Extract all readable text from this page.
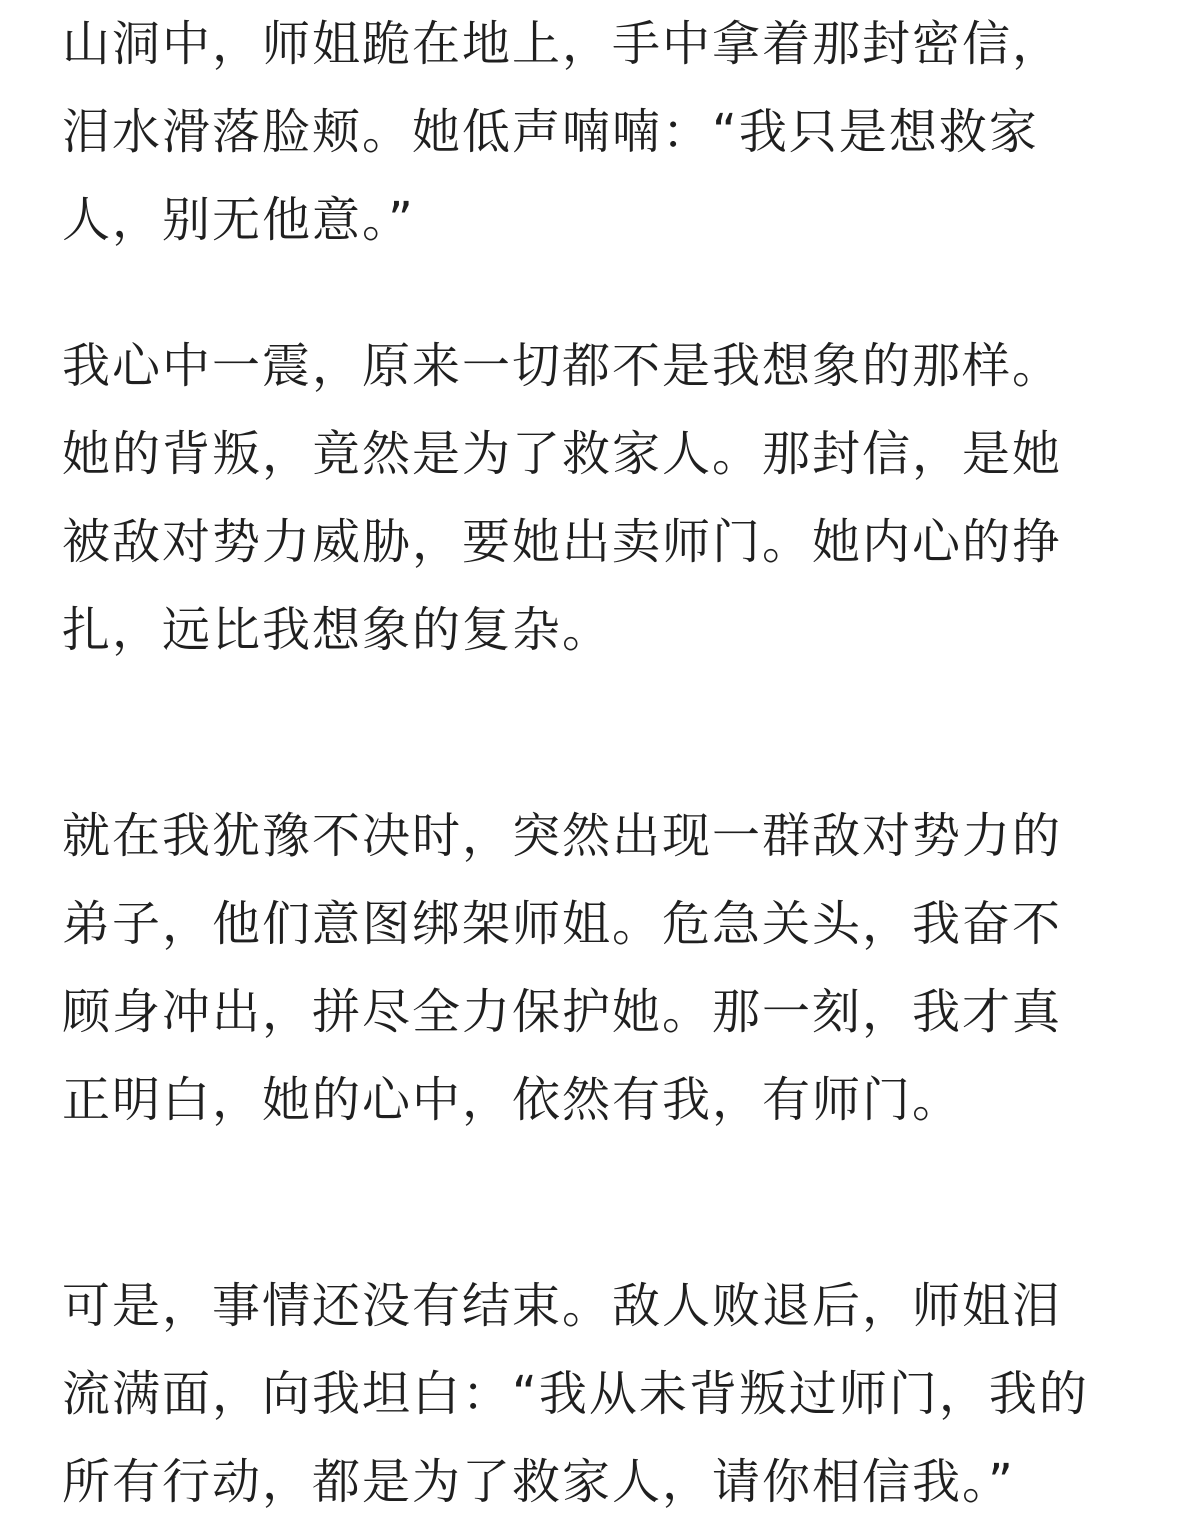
山洞中，师姐跪在地上，手中拿着那封密信，
泪水滑落脸颊。她低声喃喃：“我只是想救家
人，别无他意。”
我心中一震，原来一切都不是我想象的那样。
她的背叛，竟然是为了救家人。那封信，是她
被敌对势力威胁，要她出卖师门。她内心的挣
扎，远比我想象的复杂。
就在我犹豫不决时，突然出现一群敌对势力的
弟子，他们意图绑架师姐。危急关头，我奋不
顾身冲出，拼尽全力保护她。那一刻，我才真
正明白，她的心中，依然有我，有师门。
可是，事情还没有结束。敌人败退后，师姐泪
流满面，向我坦白：“我从未背叛过师门，我的
所有行动，都是为了救家人，请你相信我。”
